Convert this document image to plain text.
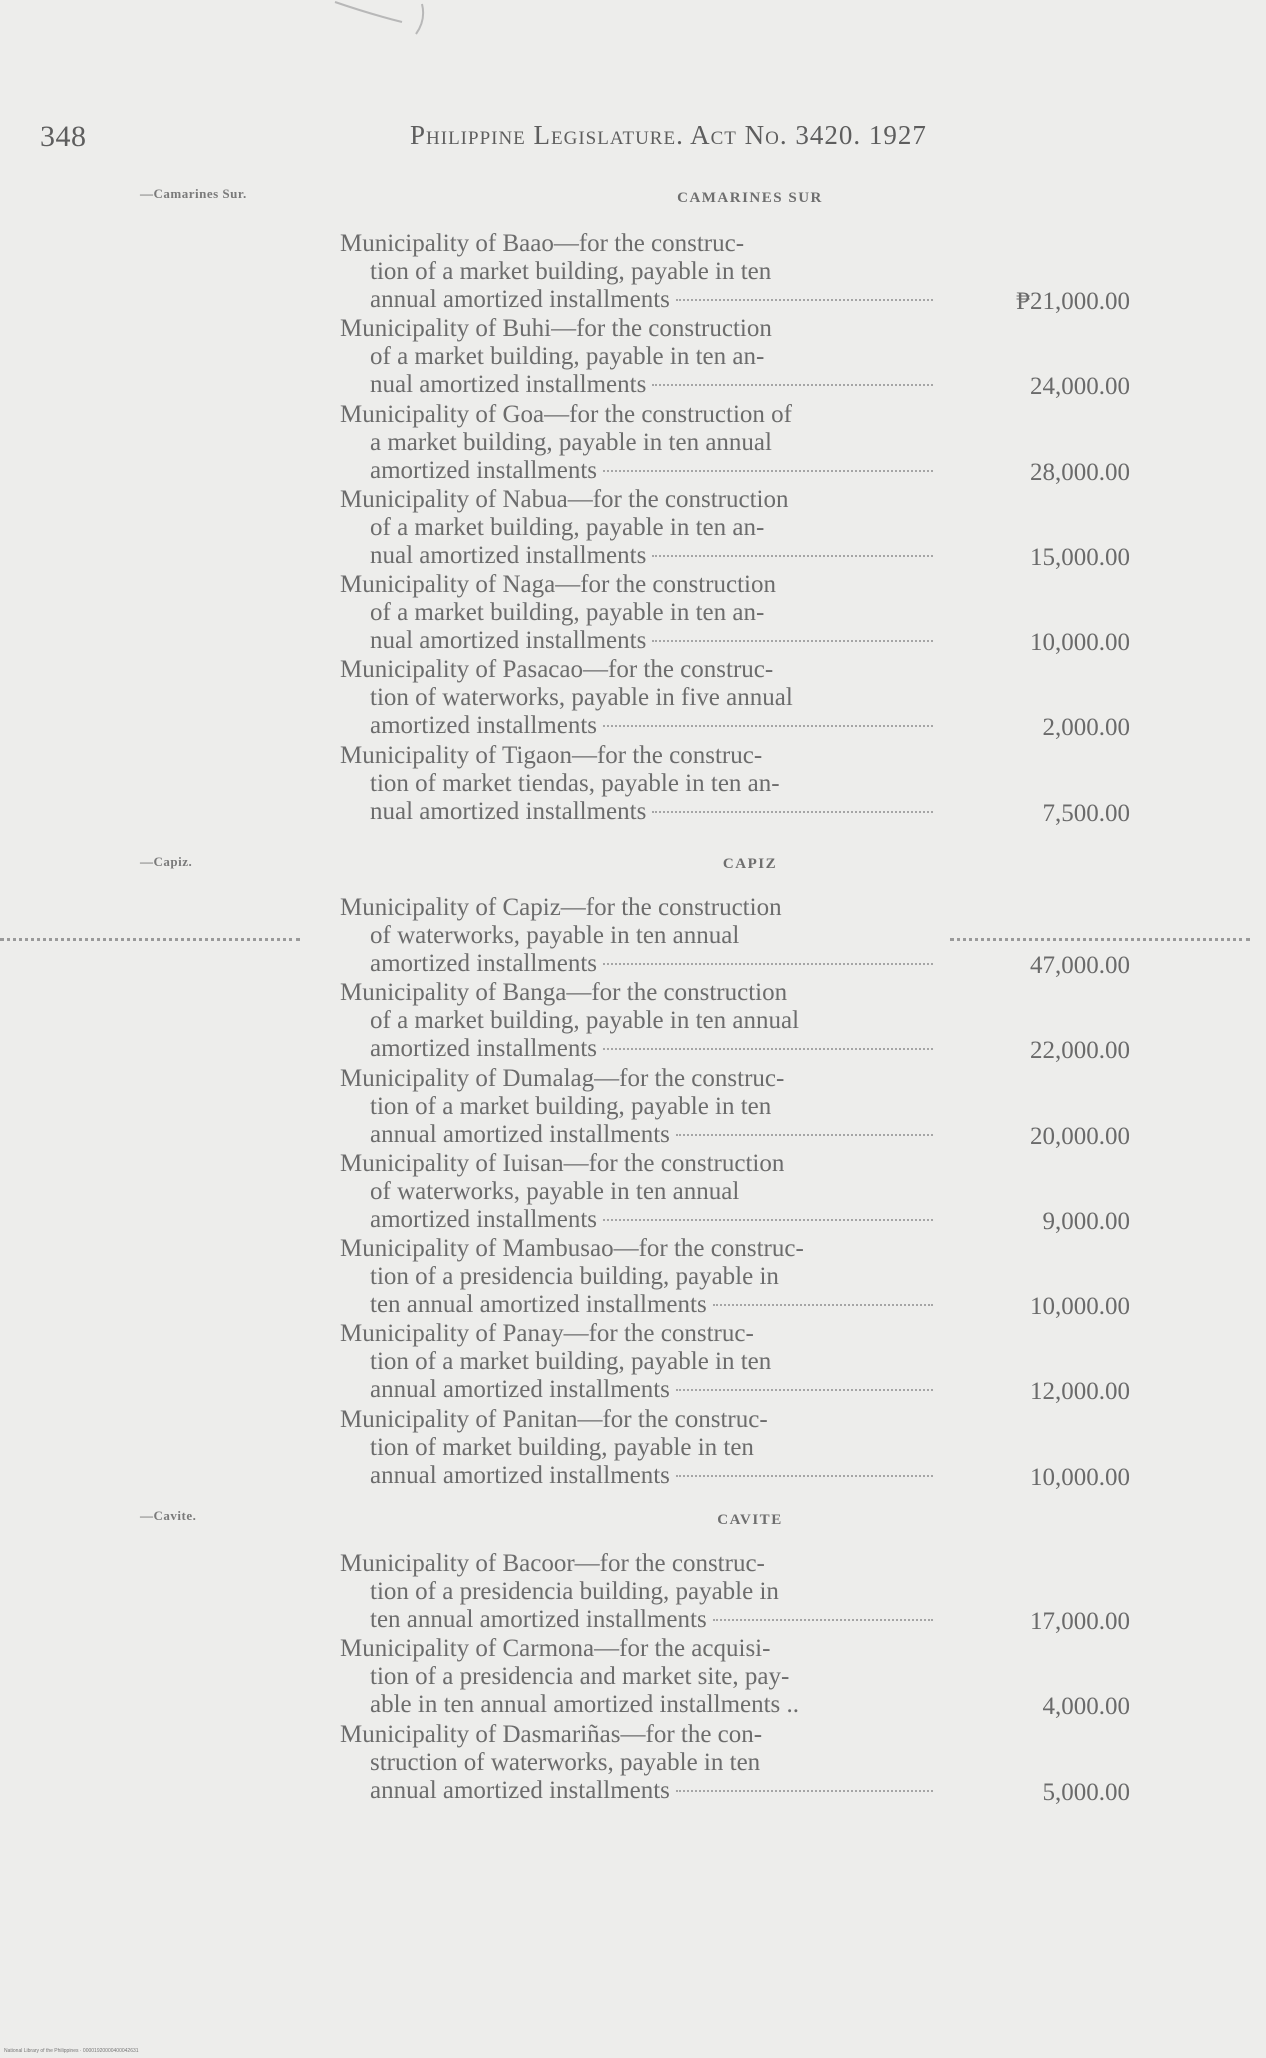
348	Philippine Legislature. Act No. 3420. 1927
—Camarines Sur.	CAMARINES SUR
Municipality of Baao—for the construc-
tion of a market building, payable in ten
annual amortized installments	₱21,000.00
Municipality of Buhi—for the construction
of a market building, payable in ten an-
nual amortized installments	24,000.00
Municipality of Goa—for the construction of
a market building, payable in ten annual
amortized installments	28,000.00
Municipality of Nabua—for the construction
of a market building, payable in ten an-
nual amortized installments	15,000.00
Municipality of Naga—for the construction
of a market building, payable in ten an-
nual amortized installments	10,000.00
Municipality of Pasacao—for the construc-
tion of waterworks, payable in five annual
amortized installments	2,000.00
Municipality of Tigaon—for the construc-
tion of market tiendas, payable in ten an-
nual amortized installments	7,500.00
—Capiz.	CAPIZ
Municipality of Capiz—for the construction
of waterworks, payable in ten annual
amortized installments	47,000.00
Municipality of Banga—for the construction
of a market building, payable in ten annual
amortized installments	22,000.00
Municipality of Dumalag—for the construc-
tion of a market building, payable in ten
annual amortized installments	20,000.00
Municipality of Iuisan—for the construction
of waterworks, payable in ten annual
amortized installments	9,000.00
Municipality of Mambusao—for the construc-
tion of a presidencia building, payable in
ten annual amortized installments	10,000.00
Municipality of Panay—for the construc-
tion of a market building, payable in ten
annual amortized installments	12,000.00
Municipality of Panitan—for the construc-
tion of market building, payable in ten
annual amortized installments	10,000.00
—Cavite.	CAVITE
Municipality of Bacoor—for the construc-
tion of a presidencia building, payable in
ten annual amortized installments	17,000.00
Municipality of Carmona—for the acquisi-
tion of a presidencia and market site, pay-
able in ten annual amortized installments ..	4,000.00
Municipality of Dasmariñas—for the con-
struction of waterworks, payable in ten
annual amortized installments	5,000.00
National Library of the Philippines · 00001920000400042631
